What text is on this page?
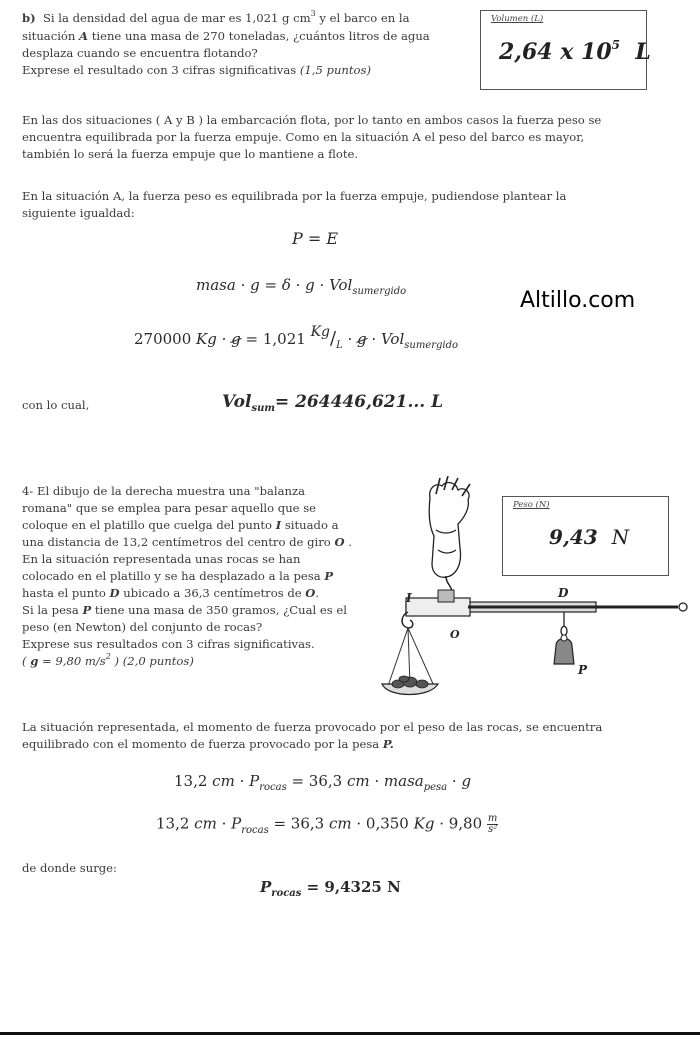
b) Si la densidad del agua de mar es 1,021 g $cm^3$ y el barco en la
situación A tiene una masa de 270 toneladas, ¿cuántos litros de agua
desplaza cuando se encuentra flotando?
Exprese el resultado con 3 cifras significativas (1,5 puntos)
Volumen (L)
2,64 x $10^5$ L
En las dos situaciones ( A y B ) la embarcación flota, por lo tanto en ambos casos la fuerza peso se
encuentra equilibrada por la fuerza empuje. Como en la situación A el peso del barco es mayor,
también lo será la fuerza empuje que lo mantiene a flote.
En la situación A, la fuerza peso es equilibrada por la fuerza empuje, pudiendose plantear la
siguiente igualdad:
P = E
masa · g = δ · g · Vol$_{sumergido}$	Altillo.com
270000 Kg · g = 1,021 $Kg/_L \cdot g \cdot Vol_{sumergido}$
con lo cual,	Vol$_{sum}$= 264446,621... L
4- El dibujo de la derecha muestra una "balanza
romana" que se emplea para pesar aquello que se
coloque en el platillo que cuelga del punto I situado a
una distancia de 13,2 centímetros del centro de giro O .
En la situación representada unas rocas se han
colocado en el platillo y se ha desplazado a la pesa P
hasta el punto D ubicado a 36,3 centímetros de O.
Si la pesa P tiene una masa de 350 gramos, ¿Cual es el
peso (en Newton) del conjunto de rocas?
Exprese sus resultados con 3 cifras significativas.
( g = 9,80 $m/s^2$ ) (2,0 puntos)
I	D
O
P
Peso (N)
9,43 N
La situación representada, el momento de fuerza provocado por el peso de las rocas, se encuentra
equilibrado con el momento de fuerza provocado por la pesa P.
13,2 cm · $P_{rocas} = 36,3$ cm · masa$_{pesa}$ · g
13,2 cm · $P_{rocas} = 36,3$ cm · 0,350 $Kg \cdot 9,80 \frac{m}{\text{s²}}$
de donde surge:
$P_{rocas} = 9,4325$ N
